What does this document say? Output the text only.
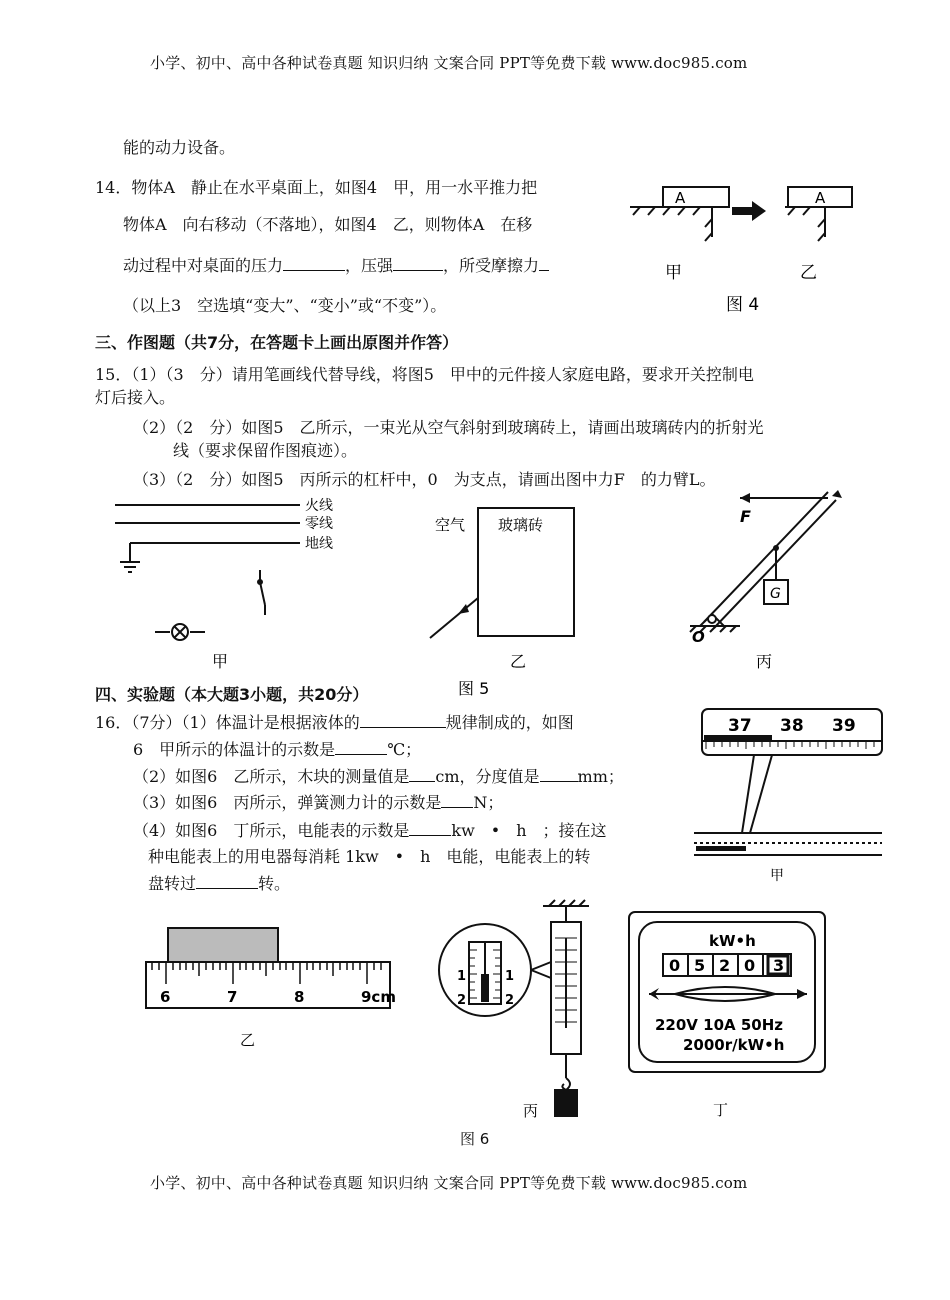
小学、初中、高中各种试卷真题 知识归纳 文案合同 PPT等免费下载 www.doc985.com
能的动力设备。
14．物体A　静止在水平桌面上，如图4　甲，用一水平推力把
物体A　向右移动（不落地），如图4　乙，则物体A　在移
动过程中对桌面的压力	，压强	，所受摩擦力
（以上3　空选填“变大”、“变小”或“不变”）。
A	A
甲	乙
图 4
三、作图题（共7分，在答题卡上画出原图并作答）
15．（1）（3　分）请用笔画线代替导线，将图5　甲中的元件接人家庭电路，要求开关控制电
灯后接入。
（2）（2　分）如图5　乙所示，一束光从空气斜射到玻璃砖上，请画出玻璃砖内的折射光
线（要求保留作图痕迹）。
（3）（2　分）如图5　丙所示的杠杆中，0　为支点，请画出图中力F　的力臂L。
火线
零线
地线
甲
空气 玻璃砖
乙
F
G
O
丙
图 5
四、实验题（本大题3小题，共20分）
16．（7分）（1）体温计是根据液体的	规律制成的，如图
6　甲所示的体温计的示数是	℃；
（2）如图6　乙所示，木块的测量值是 cm，分度值是 mm；
（3）如图6　丙所示，弹簧测力计的示数是 N；
（4）如图6　丁所示，电能表的示数是	kw　•　h　；接在这
种电能表上的用电器每消耗 1kw　•　h　电能，电能表上的转
盘转过	转。
37 38 39
甲
6	7	8	9cm
乙
1
2
1
2
丙
kW•h
0 5 2 0 3
220V 10A 50Hz
2000r/kW•h
丁
图 6
小学、初中、高中各种试卷真题 知识归纳 文案合同 PPT等免费下载 www.doc985.com
